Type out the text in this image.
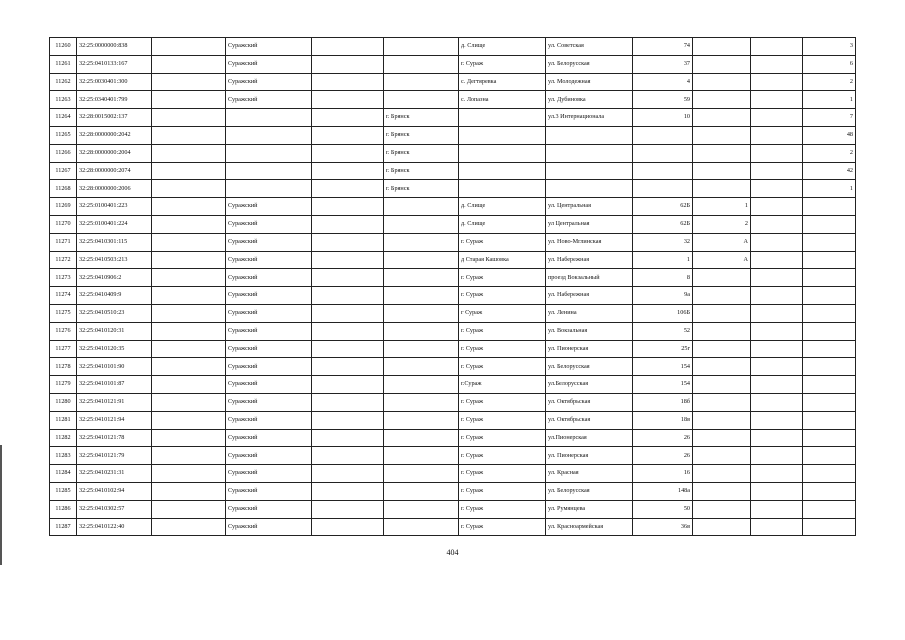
11260	32:25:0000000:838		Суражский			д. Слище	ул. Советская	74			3
11261	32:25:0410133:167		Суражский			г. Сураж	ул. Белорусская	37			6
11262	32:25:0030401:300		Суражский			с. Дегтяревка	ул. Молодежная	4			2
11263	32:25:0340401:799		Суражский			с. Лопазна	ул. Дубиновка	59			1
11264	32:28:0015002:137				г. Брянск		ул.3 Интернационала	10			7
11265	32:28:0000000:2042				г. Брянск						48
11266	32:28:0000000:2004				г. Брянск						2
11267	32:28:0000000:2074				г. Брянск						42
11268	32:28:0000000:2006				г. Брянск						1
11269	32:25:0100401:223		Суражский			д. Слище	ул. Центральная	62Б	1		
11270	32:25:0100401:224		Суражский			д. Слище	ул Центральная	62Б	2		
11271	32:25:0410301:115		Суражский			г. Сураж	ул. Ново-Мглинская	32	А		
11272	32:25:0410503:213		Суражский			д Старая Кашовка	ул. Набережная	1	А		
11273	32:25:0410906:2		Суражский			г. Сураж	проезд Вокзальный	8			
11274	32:25:0410409:9		Суражский			г. Сураж	ул. Набережная	9а			
11275	32:25:0410510:23		Суражский			г Сураж	ул. Ленина	106Б			
11276	32:25:0410120:31		Суражский			г. Сураж	ул. Вокзальная	52			
11277	32:25:0410120:35		Суражский			г. Сураж	ул. Пионерская	25г			
11278	32:25:0410101:90		Суражский			г. Сураж	ул. Белорусская	154			
11279	32:25:0410101:87		Суражский			г.Сураж	ул.Белорусская	154			
11280	32:25:0410121:91		Суражский			г. Сураж	ул. Октябрьская	18б			
11281	32:25:0410121:94		Суражский			г. Сураж	ул. Октябрьская	18в			
11282	32:25:0410121:78		Суражский			г. Сураж	ул.Пионерская	26			
11283	32:25:0410121:79		Суражский			г. Сураж	ул. Пионерская	26			
11284	32:25:0410231:31		Суражский			г. Сураж	ул. Красная	16			
11285	32:25:0410102:94		Суражский			г. Сураж	ул. Белорусская	148а			
11286	32:25:0410302:57		Суражский			г. Сураж	ул. Румянцева	50			
11287	32:25:0410122:40		Суражский			г. Сураж	ул. Красноармейская	36в			
404
